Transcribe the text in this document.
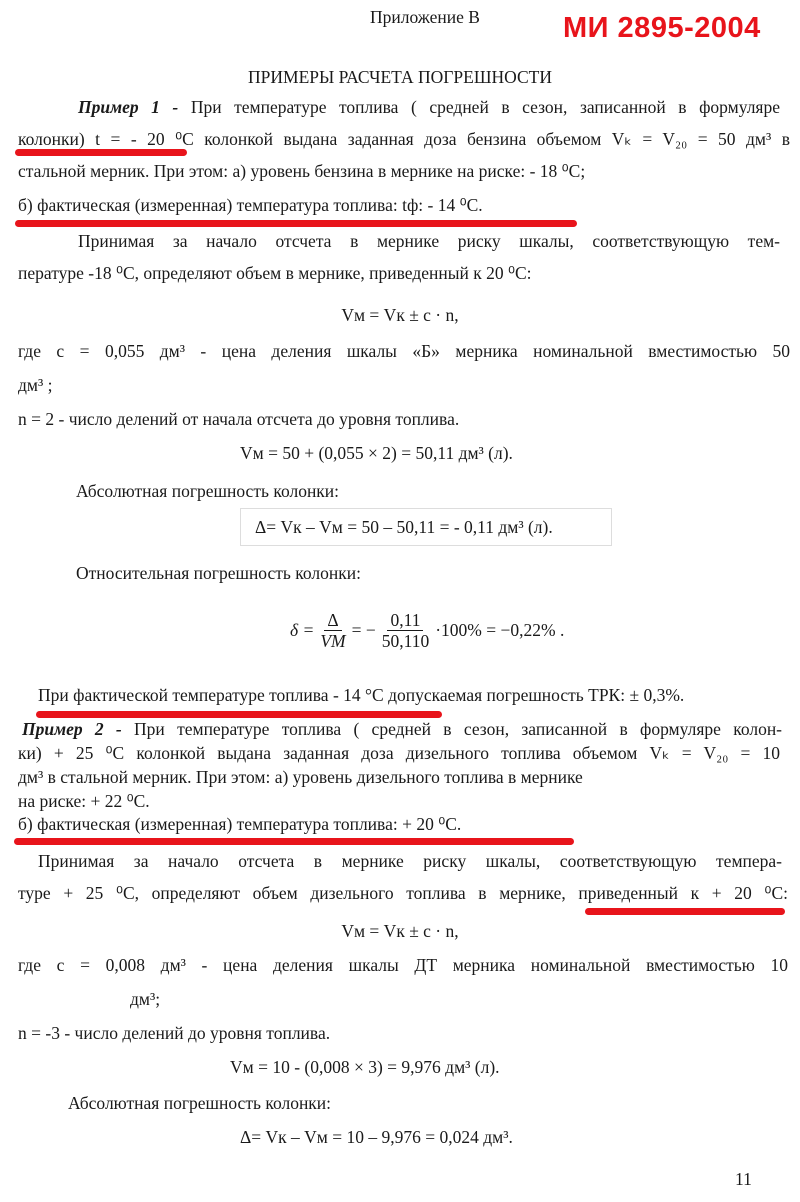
Приложение В	МИ 2895-2004
ПРИМЕРЫ РАСЧЕТА ПОГРЕШНОСТИ
Пример 1 - При температуре топлива ( средней в сезон, записанной в формуляре
колонки) t = - 20 ⁰C колонкой выдана заданная доза бензина объемом Vₖ = V₂₀ = 50 дм³ в
стальной мерник. При этом: а) уровень бензина в мернике на риске: - 18 ⁰C;
б) фактическая (измеренная) температура топлива: tф: - 14 ⁰C.
Принимая за начало отсчета в мернике риску шкалы, соответствующую тем-
пературе -18 ⁰C, определяют объем в мернике, приведенный к 20 ⁰C:
Vм = Vк ± c · n,
где c = 0,055 дм³ - цена деления шкалы «Б» мерника номинальной вместимостью 50
дм³ ;
n = 2 - число делений от начала отсчета до уровня топлива.
Vм = 50 + (0,055 × 2) = 50,11 дм³ (л).
Абсолютная погрешность колонки:
Δ= Vк – Vм = 50 – 50,11 = - 0,11 дм³ (л).
Относительная погрешность колонки:
δ = Δ
VМ
= − $\frac{0,11}{50,110} \cdot 100\% = -0,22\%$ .
При фактической температуре топлива - 14 °C допускаемая погрешность ТРК: ± 0,3%.
Пример 2 - При температуре топлива ( средней в сезон, записанной в формуляре колон-
ки) + 25 ⁰C колонкой выдана заданная доза дизельного топлива объемом Vₖ = V₂₀ = 10
дм³ в стальной мерник. При этом: а) уровень дизельного топлива в мернике
на риске: + 22 ⁰C.
б) фактическая (измеренная) температура топлива: + 20 ⁰C.
Принимая за начало отсчета в мернике риску шкалы, соответствующую темпера-
туре + 25 ⁰C, определяют объем дизельного топлива в мернике, приведенный к + 20 ⁰C:
Vм = Vк ± c · n,
где c = 0,008 дм³ - цена деления шкалы ДТ мерника номинальной вместимостью 10
дм³;
n = -3 - число делений до уровня топлива.
Vм = 10 - (0,008 × 3) = 9,976 дм³ (л).
Абсолютная погрешность колонки:
Δ= Vк – Vм = 10 – 9,976 = 0,024 дм³.
11
